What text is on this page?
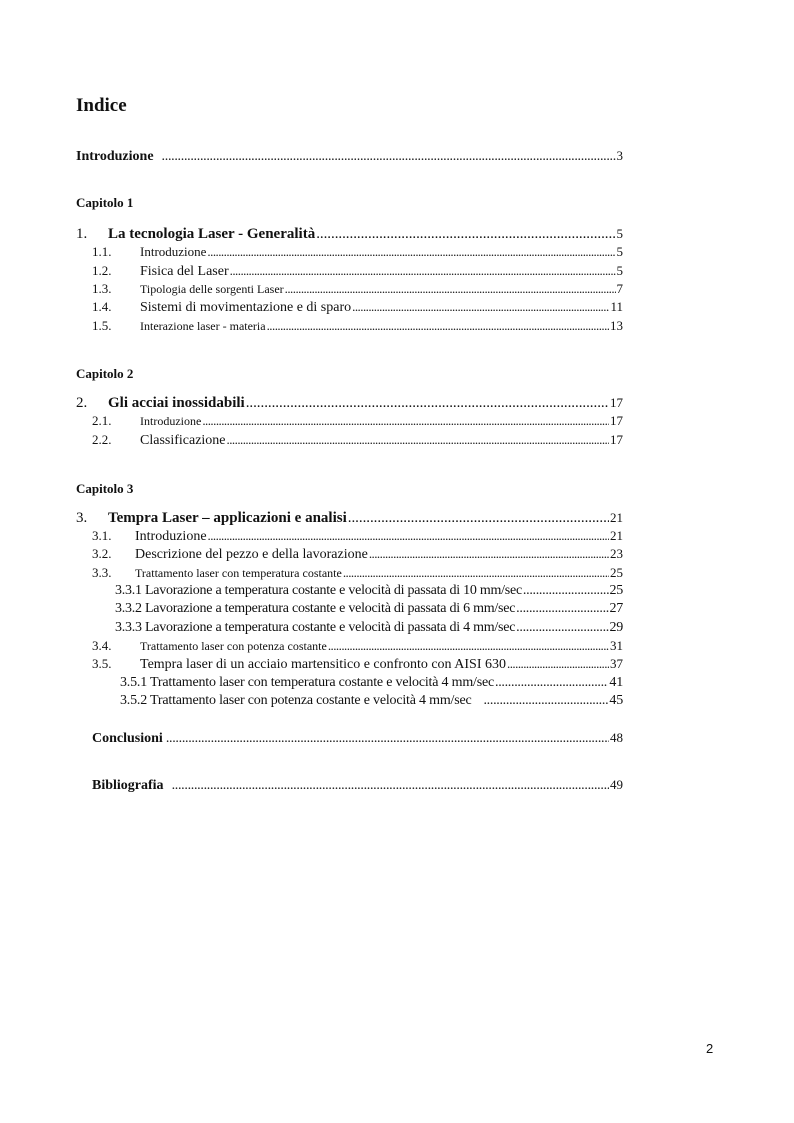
Indice
Introduzione . . .	3
Capitolo 1
1.	La tecnologia Laser - Generalità . . .	5
1.1.	Introduzione . . .	5
1.2.	Fisica del Laser . . .	5
1.3.	Tipologia delle sorgenti Laser . . .	7
1.4.	Sistemi di movimentazione e di sparo . . .	11
1.5.	Interazione laser - materia . . .	13
Capitolo 2
2.	Gli acciai inossidabili . . .	17
2.1.	Introduzione . . .	17
2.2.	Classificazione . . .	17
Capitolo 3
3.	Tempra Laser – applicazioni e analisi . . .	21
3.1.	Introduzione . . .	21
3.2.	Descrizione del pezzo e della lavorazione . . .	23
3.3.	Trattamento laser con temperatura costante . . .	25
3.3.1 Lavorazione a temperatura costante e velocità di passata di 10 mm/sec . . .	25
3.3.2 Lavorazione a temperatura costante e velocità di passata di 6 mm/sec . . .	27
3.3.3 Lavorazione a temperatura costante e velocità di passata di 4 mm/sec . . .	29
3.4.	Trattamento laser con potenza costante . . .	31
3.5.	Tempra laser di un acciaio martensitico e confronto con AISI 630 . . .	37
3.5.1 Trattamento laser con temperatura costante e velocità 4 mm/sec . . .	41
3.5.2 Trattamento laser con potenza costante e velocità 4 mm/sec . . .	45
Conclusioni . . .	48
Bibliografia . . .	49
2
